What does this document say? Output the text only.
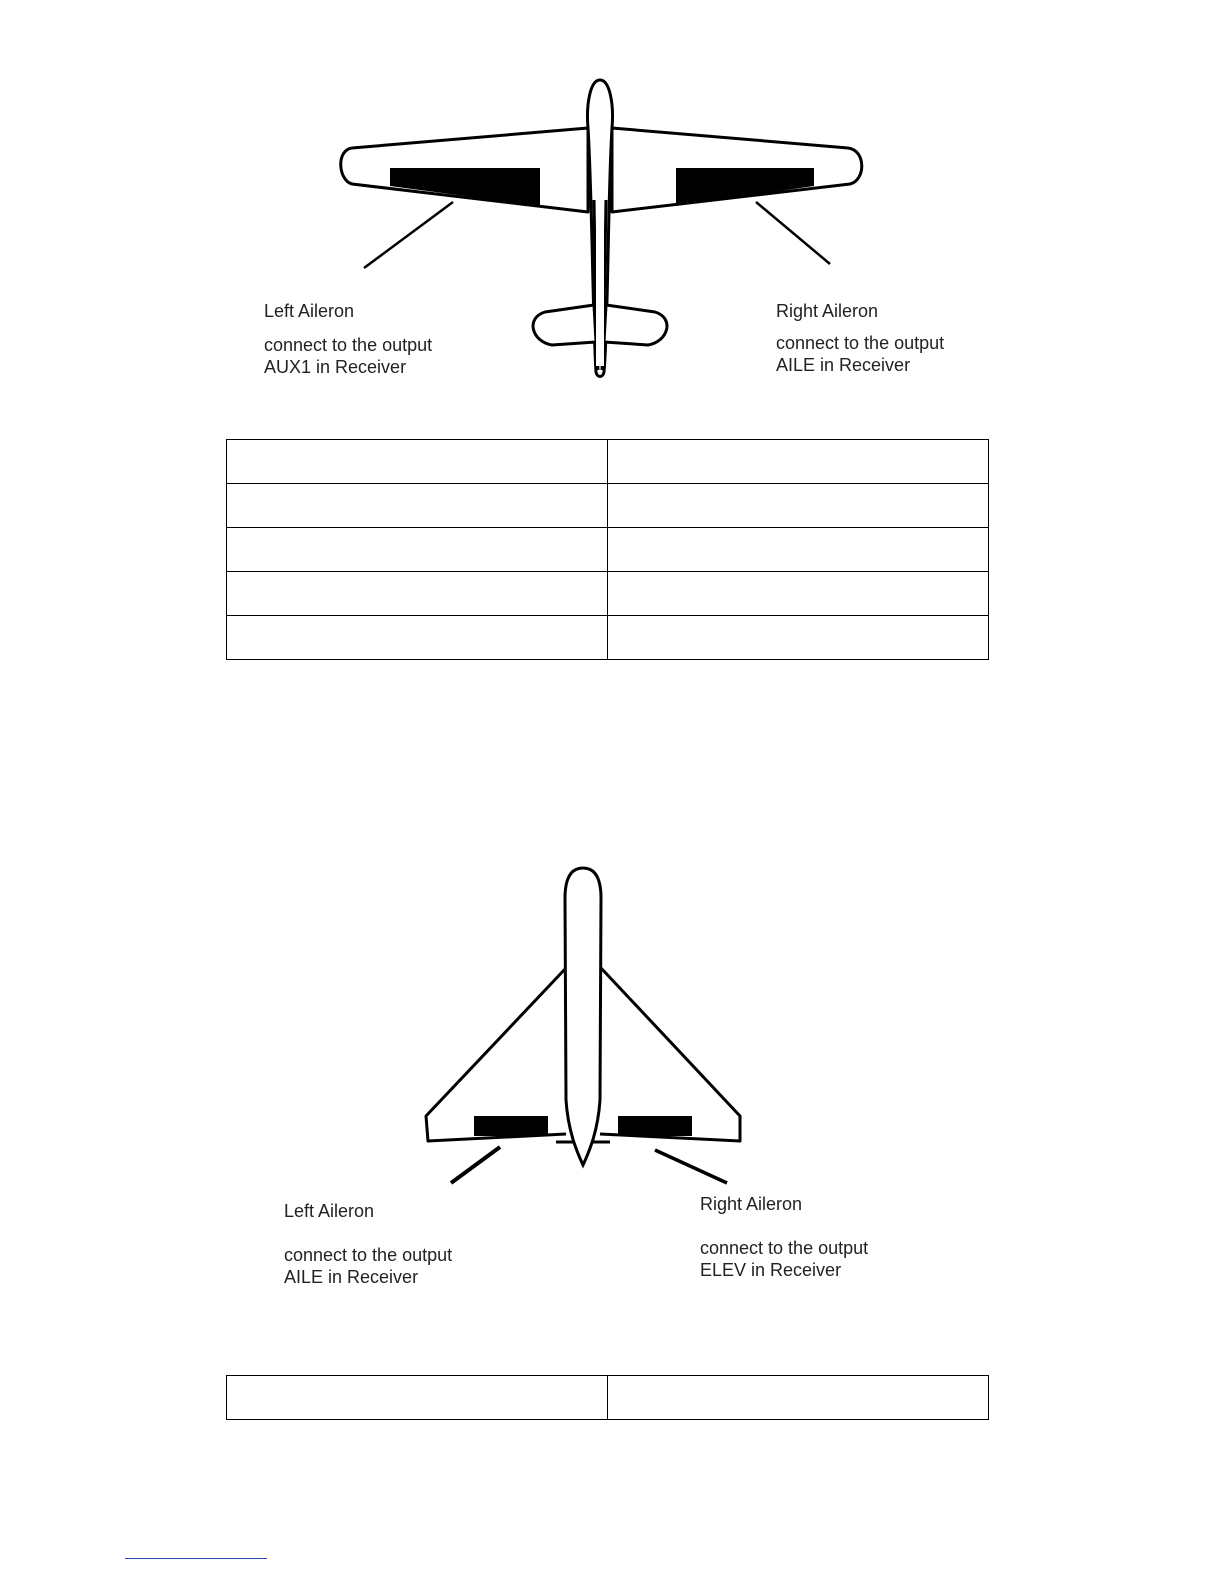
Left Aileron
connect to the output
AUX1 in Receiver
Right Aileron
connect to the output
AILE in Receiver

Left Aileron
connect to the output
AILE in Receiver
Right Aileron
connect to the output
ELEV in Receiver
